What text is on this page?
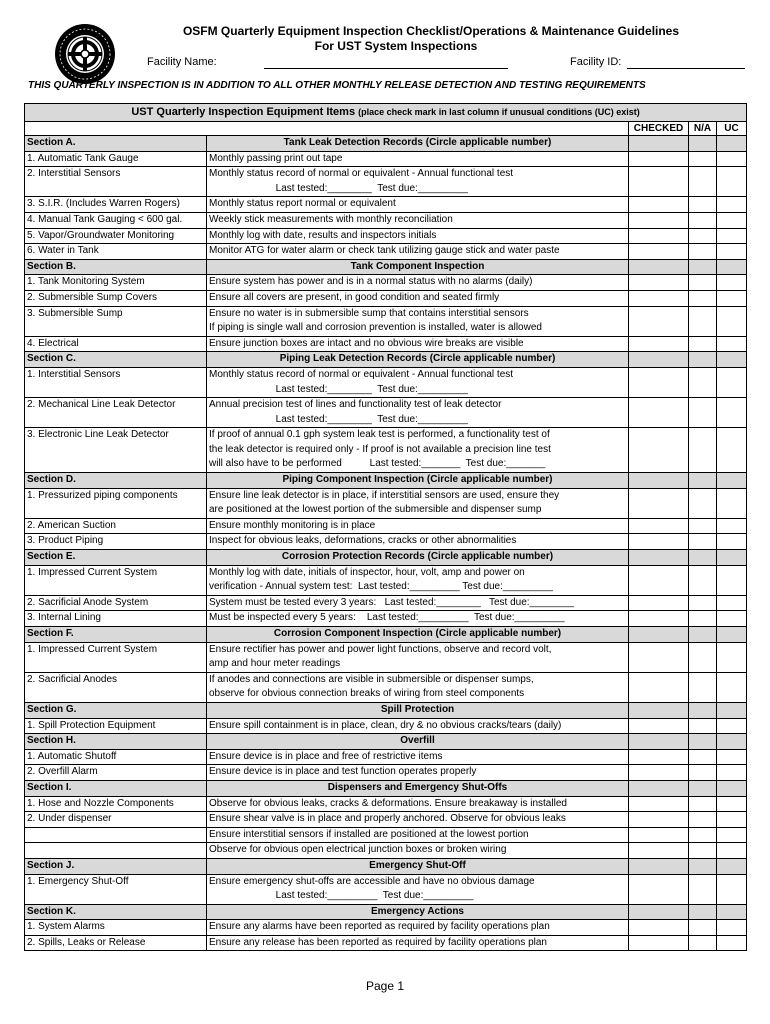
OSFM Quarterly Equipment Inspection Checklist/Operations & Maintenance Guidelines
For UST System Inspections
Facility Name:	Facility ID:
THIS QUARTERLY INSPECTION IS IN ADDITION TO ALL OTHER MONTHLY RELEASE DETECTION AND TESTING REQUIREMENTS
UST Quarterly Inspection Equipment Items (place check mark in last column if unusual conditions (UC) exist)				
		CHECKED	N/A	UC
Section A.	Tank Leak Detection Records (Circle applicable number)			
1. Automatic Tank Gauge	Monthly passing print out tape			

2. Interstitial Sensors	Monthly status record of normal or equivalent - Annual functional test
Last tested:________  Test due:_________			

3. S.I.R. (Includes Warren Rogers)	Monthly status report normal or equivalent			

4. Manual Tank Gauging < 600 gal.	Weekly stick measurements with monthly reconciliation			

5. Vapor/Groundwater Monitoring	Monthly log with date, results and inspectors initials			

6. Water in Tank	Monitor ATG for water alarm or check tank utilizing gauge stick and water paste			

Section B.	Tank Component Inspection			
1. Tank Monitoring System	Ensure system has power and is in a normal status with no alarms (daily)			

2. Submersible Sump Covers	Ensure all covers are present, in good condition and seated firmly			

3. Submersible Sump	Ensure no water is in submersible sump that contains interstitial sensors
If piping is single wall and corrosion prevention is installed, water is allowed			

4. Electrical	Ensure junction boxes are intact and no obvious wire breaks are visible			

Section C.	Piping Leak Detection Records (Circle applicable number)			
1. Interstitial Sensors	Monthly status record of normal or equivalent - Annual functional test
Last tested:________  Test due:_________			

2. Mechanical Line Leak Detector	Annual precision test of lines and functionality test of leak detector
Last tested:________  Test due:_________			

3. Electronic Line Leak Detector	If proof of annual 0.1 gph system leak test is performed, a functionality test of
the leak detector is required only - If proof is not available a precision line test
will also have to be performed          Last tested:_______  Test due:_______			

Section D.	Piping Component Inspection (Circle applicable number)			
1. Pressurized piping components	Ensure line leak detector is in place, if interstitial sensors are used, ensure they
are positioned at the lowest portion of the submersible and dispenser sump			

2. American Suction	Ensure monthly monitoring is in place			

3. Product Piping	Inspect for obvious leaks, deformations, cracks or other abnormalities			

Section E.	Corrosion Protection Records (Circle applicable number)			
1. Impressed Current System	Monthly log with date, initials of inspector, hour, volt, amp and power on
verification - Annual system test:  Last tested:_________ Test due:_________			

2. Sacrificial Anode System	System must be tested every 3 years:   Last tested:________   Test due:________			

3. Internal Lining	Must be inspected every 5 years:    Last tested:_________  Test due:_________			

Section F.	Corrosion Component Inspection (Circle applicable number)			
1. Impressed Current System	Ensure rectifier has power and power light functions, observe and record volt,
amp and hour meter readings			

2. Sacrificial Anodes	If anodes and connections are visible in submersible or dispenser sumps,
observe for obvious connection breaks of wiring from steel components			

Section G.	Spill Protection			
1. Spill Protection Equipment	Ensure spill containment is in place, clean, dry & no obvious cracks/tears (daily)			

Section H.	Overfill			
1. Automatic Shutoff	Ensure device is in place and free of restrictive items			

2. Overfill Alarm	Ensure device is in place and test function operates properly			

Section I.	Dispensers and Emergency Shut-Offs			
1. Hose and Nozzle Components	Observe for obvious leaks, cracks & deformations. Ensure breakaway is installed			

2. Under dispenser	Ensure shear valve is in place and properly anchored. Observe for obvious leaks			

	Ensure interstitial sensors if installed are positioned at the lowest portion			

	Observe for obvious open electrical junction boxes or broken wiring			

Section J.	Emergency Shut-Off			
1. Emergency Shut-Off	Ensure emergency shut-offs are accessible and have no obvious damage
Last tested:_________  Test due:_________			

Section K.	Emergency Actions			
1. System Alarms	Ensure any alarms have been reported as required by facility operations plan			

2. Spills, Leaks or Release	Ensure any release has been reported as required by facility operations plan			

Page 1
